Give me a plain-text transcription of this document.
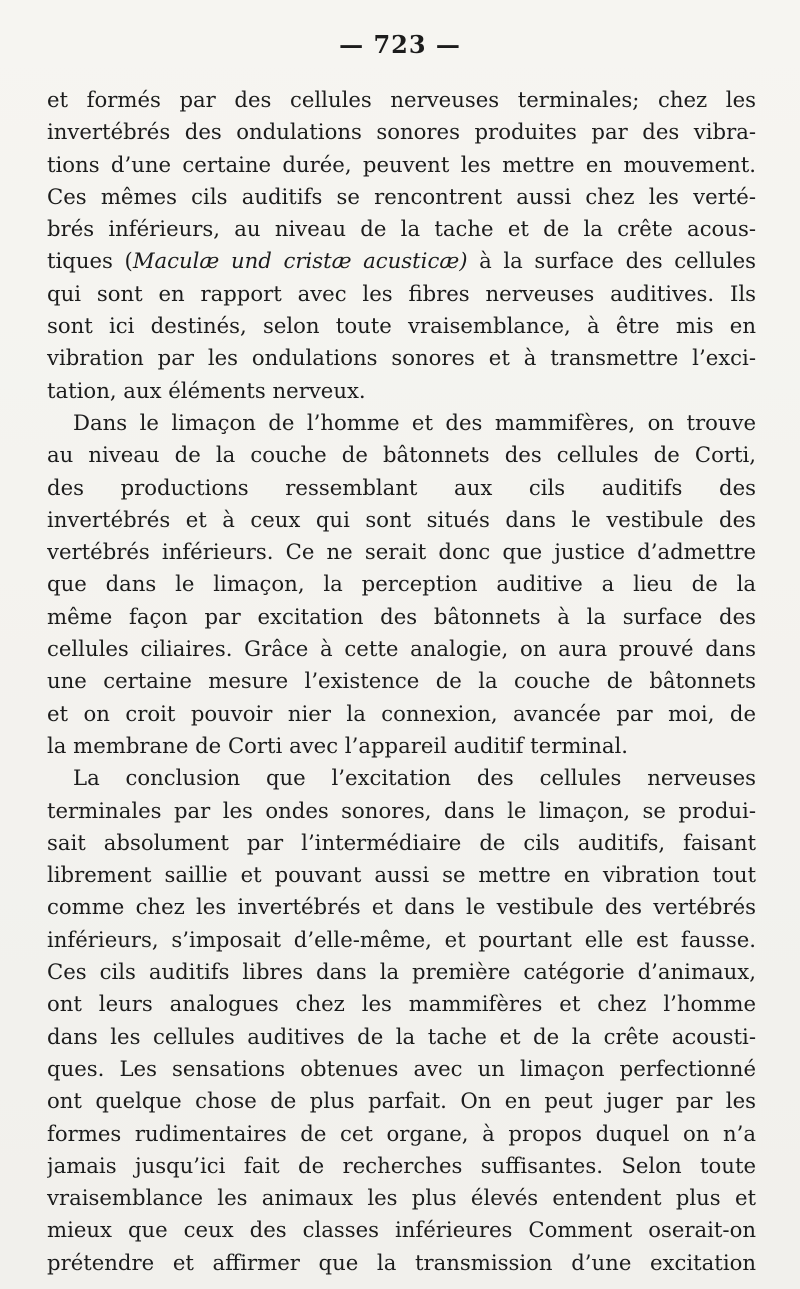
— 723 —
et formés par des cellules nerveuses terminales; chez les
invertébrés des ondulations sonores produites par des vibra-
tions d’une certaine durée, peuvent les mettre en mouvement.
Ces mêmes cils auditifs se rencontrent aussi chez les verté-
brés inférieurs, au niveau de la tache et de la crête acous-
tiques (Maculæ und cristæ acusticæ) à la surface des cellules
qui sont en rapport avec les fibres nerveuses auditives. Ils
sont ici destinés, selon toute vraisemblance, à être mis en
vibration par les ondulations sonores et à transmettre l’exci-
tation, aux éléments nerveux.
Dans le limaçon de l’homme et des mammifères, on trouve
au niveau de la couche de bâtonnets des cellules de Corti,
des productions ressemblant aux cils auditifs des
invertébrés et à ceux qui sont situés dans le vestibule des
vertébrés inférieurs. Ce ne serait donc que justice d’admettre
que dans le limaçon, la perception auditive a lieu de la
même façon par excitation des bâtonnets à la surface des
cellules ciliaires. Grâce à cette analogie, on aura prouvé dans
une certaine mesure l’existence de la couche de bâtonnets
et on croit pouvoir nier la connexion, avancée par moi, de
la membrane de Corti avec l’appareil auditif terminal.
La conclusion que l’excitation des cellules nerveuses
terminales par les ondes sonores, dans le limaçon, se produi-
sait absolument par l’intermédiaire de cils auditifs, faisant
librement saillie et pouvant aussi se mettre en vibration tout
comme chez les invertébrés et dans le vestibule des vertébrés
inférieurs, s’imposait d’elle-même, et pourtant elle est fausse.
Ces cils auditifs libres dans la première catégorie d’animaux,
ont leurs analogues chez les mammifères et chez l’homme
dans les cellules auditives de la tache et de la crête acousti-
ques. Les sensations obtenues avec un limaçon perfectionné
ont quelque chose de plus parfait. On en peut juger par les
formes rudimentaires de cet organe, à propos duquel on n’a
jamais jusqu’ici fait de recherches suffisantes. Selon toute
vraisemblance les animaux les plus élevés entendent plus et
mieux que ceux des classes inférieures Comment oserait-on
prétendre et affirmer que la transmission d’une excitation
